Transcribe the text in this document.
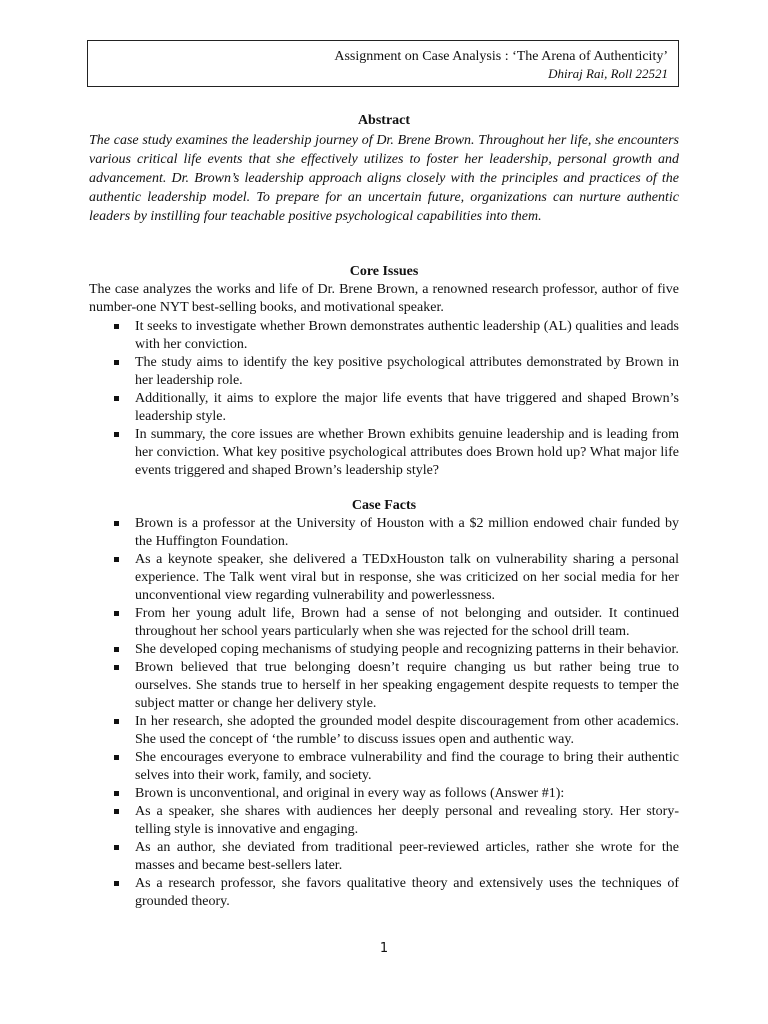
Assignment on Case Analysis : ‘The Arena of Authenticity’
Dhiraj Rai, Roll 22521
Abstract

The case study examines the leadership journey of Dr. Brene Brown. Throughout her life, she encounters various critical life events that she effectively utilizes to foster her leadership, personal growth and advancement. Dr. Brown’s leadership approach aligns closely with the principles and practices of the authentic leadership model. To prepare for an uncertain future, organizations can nurture authentic leaders by instilling four teachable positive psychological capabilities into them.

Core Issues

The case analyzes the works and life of Dr. Brene Brown, a renowned research professor, author of five number-one NYT best-selling books, and motivational speaker.

It seeks to investigate whether Brown demonstrates authentic leadership (AL) qualities and leads with her conviction.
The study aims to identify the key positive psychological attributes demonstrated by Brown in her leadership role.
Additionally, it aims to explore the major life events that have triggered and shaped Brown’s leadership style.
In summary, the core issues are whether Brown exhibits genuine leadership and is leading from her conviction. What key positive psychological attributes does Brown hold up? What major life events triggered and shaped Brown’s leadership style?
Case Facts
Brown is a professor at the University of Houston with a $2 million endowed chair funded by the Huffington Foundation.
As a keynote speaker, she delivered a TEDxHouston talk on vulnerability sharing a personal experience. The Talk went viral but in response, she was criticized on her social media for her unconventional view regarding vulnerability and powerlessness.
From her young adult life, Brown had a sense of not belonging and outsider. It continued throughout her school years particularly when she was rejected for the school drill team.
She developed coping mechanisms of studying people and recognizing patterns in their behavior.
Brown believed that true belonging doesn’t require changing us but rather being true to ourselves. She stands true to herself in her speaking engagement despite requests to temper the subject matter or change her delivery style.
In her research, she adopted the grounded model despite discouragement from other academics. She used the concept of ‘the rumble’ to discuss issues open and authentic way.
She encourages everyone to embrace vulnerability and find the courage to bring their authentic selves into their work, family, and society.
Brown is unconventional, and original in every way as follows (Answer #1):
As a speaker, she shares with audiences her deeply personal and revealing story. Her story-telling style is innovative and engaging.
As an author, she deviated from traditional peer-reviewed articles, rather she wrote for the masses and became best-sellers later.
As a research professor, she favors qualitative theory and extensively uses the techniques of grounded theory.
1
